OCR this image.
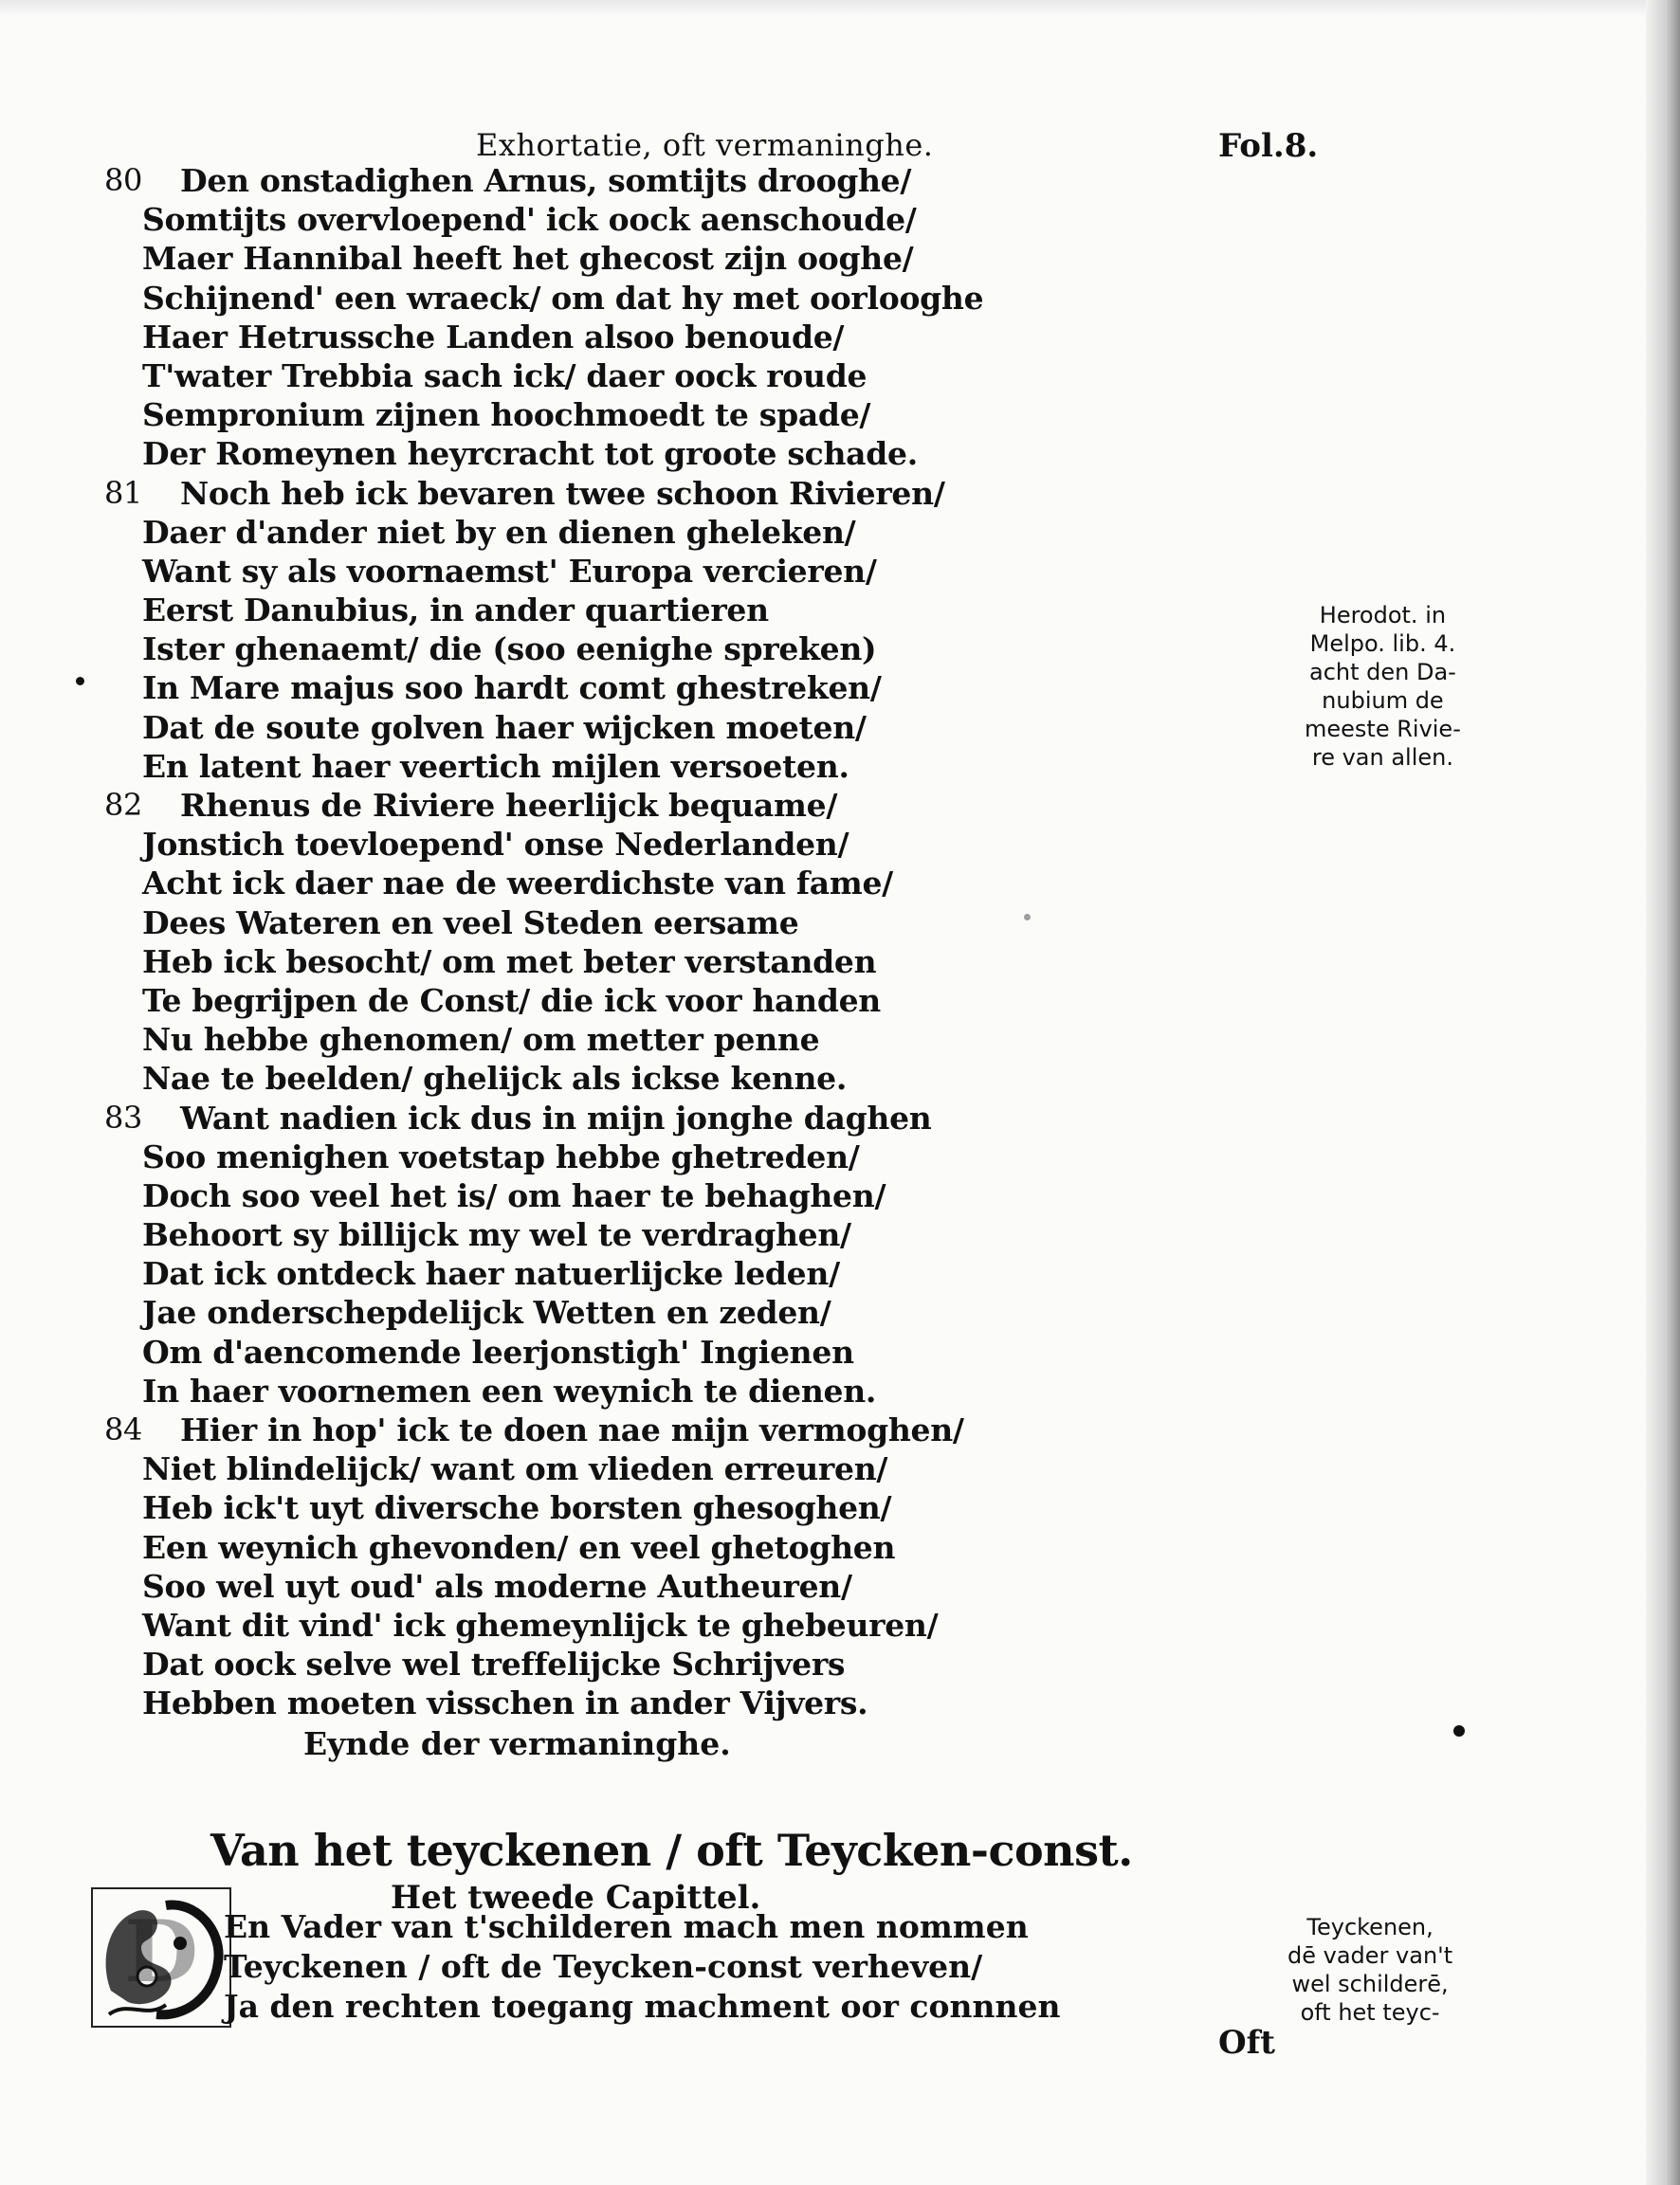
Exhortatie, oft vermaninghe.	Fol.8.
80 Den onstadighen Arnus, somtijts drooghe/
Somtijts overvloepend' ick oock aenschoude/
Maer Hannibal heeft het ghecost zijn ooghe/
Schijnend' een wraeck/ om dat hy met oorlooghe
Haer Hetrussche Landen alsoo benoude/
T'water Trebbia sach ick/ daer oock roude
Sempronium zijnen hoochmoedt te spade/
Der Romeynen heyrcracht tot groote schade.
81 Noch heb ick bevaren twee schoon Rivieren/
Daer d'ander niet by en dienen gheleken/
Want sy als voornaemst' Europa vercieren/
Eerst Danubius, in ander quartieren
Ister ghenaemt/ die (soo eenighe spreken)
In Mare majus soo hardt comt ghestreken/
Dat de soute golven haer wijcken moeten/
En latent haer veertich mijlen versoeten.
82 Rhenus de Riviere heerlijck bequame/
Jonstich toevloepend' onse Nederlanden/
Acht ick daer nae de weerdichste van fame/
Dees Wateren en veel Steden eersame
Heb ick besocht/ om met beter verstanden
Te begrijpen de Const/ die ick voor handen
Nu hebbe ghenomen/ om metter penne
Nae te beelden/ ghelijck als ickse kenne.
83 Want nadien ick dus in mijn jonghe daghen
Soo menighen voetstap hebbe ghetreden/
Doch soo veel het is/ om haer te behaghen/
Behoort sy billijck my wel te verdraghen/
Dat ick ontdeck haer natuerlijcke leden/
Jae onderschepdelijck Wetten en zeden/
Om d'aencomende leerjonstigh' Ingienen
In haer voornemen een weynich te dienen.
84 Hier in hop' ick te doen nae mijn vermoghen/
Niet blindelijck/ want om vlieden erreuren/
Heb ick't uyt diversche borsten ghesoghen/
Een weynich ghevonden/ en veel ghetoghen
Soo wel uyt oud' als moderne Autheuren/
Want dit vind' ick ghemeynlijck te ghebeuren/
Dat oock selve wel treffelijcke Schrijvers
Hebben moeten visschen in ander Vijvers.
Eynde der vermaninghe.
Van het teyckenen / oft Teycken-const.
Het tweede Capittel.
D En Vader van t'schilderen mach men nommen
Teyckenen / oft de Teycken-const verheven/
Ja den rechten toegang machment oor connnen
Herodot. in
Melpo. lib. 4.
acht den Da-
nubium de
meeste Rivie-
re van allen.
Teyckenen,
dē vader van't
wel schilderē,
oft het teyc-
Oft
